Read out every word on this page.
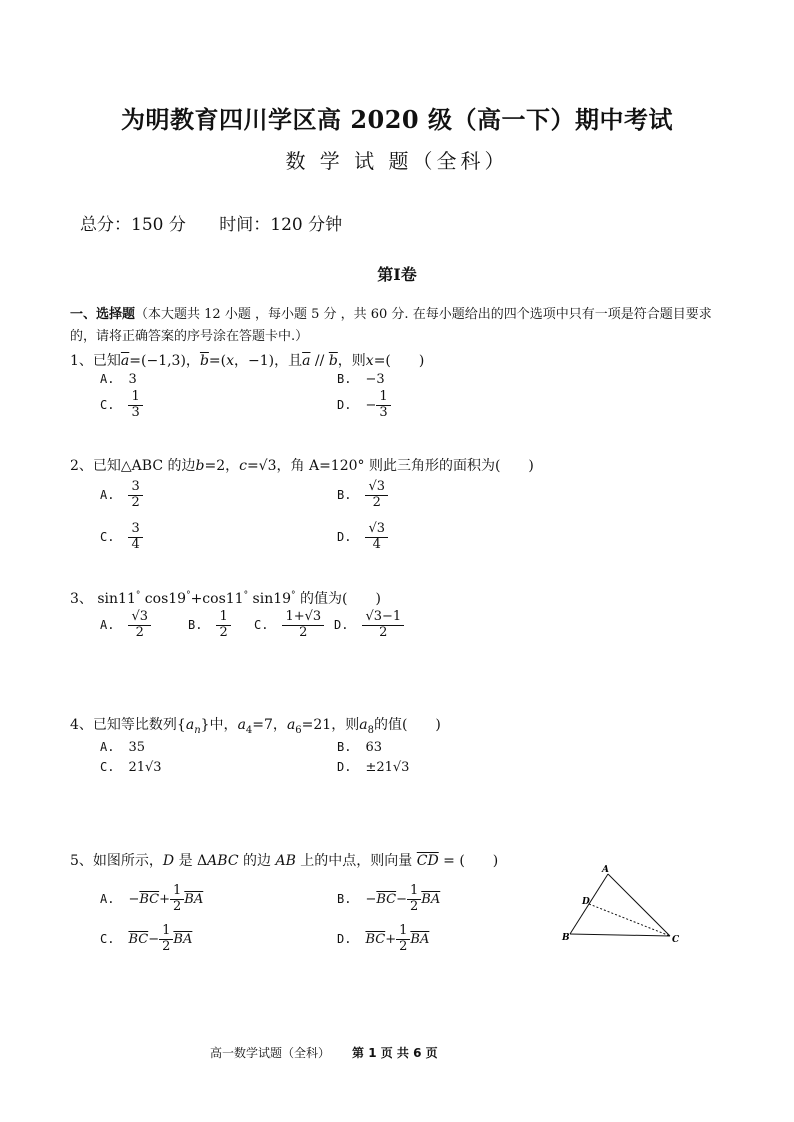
为明教育四川学区高 2020 级（高一下）期中考试
数 学 试 题（全科）
总分：150 分 时间：120 分钟
第Ⅰ卷
一、选择题（本大题共 12 小题 ，每小题 5 分 ，共 60 分. 在每小题给出的四个选项中只有一项是符合题目要求的，请将正确答案的序号涂在答题卡中.）
1、已知$\overline{a}=(-1,3)$，$\overline{b}=(x$，−1)，且$\overline{a} // \overline{b}$，则x=(　　)
A. 3	B. −3
C. $\frac{1}{3}$	D. − $\frac{1}{3}$
2、已知△ABC 的边b=2，c=√3，角 A=120° 则此三角形的面积为(　　)
A. $\frac{3}{2}$	B. $\frac{√3}{2}$
C. $\frac{3}{4}$	D. $\frac{√3}{4}$
3、 sin11° cos19°+cos11° sin19° 的值为(　　)
A. $\frac{√3}{2}$	B. $\frac{1}{2} C$. $\frac{1+√3}{2} D$. $\frac{√3-1}{2}$
4、已知等比数列$\{a_n\}$中，$a_4=7$，$a_6=21$，则$a_8$的值(　　)
A. 35	B. 63
C. 21√3	D. ±21√3
5、如图所示，D 是 ΔABC 的边 AB 上的中点，则向量 $\overline{CD}$ = (　　)
A. $-\overline{BC}+ \frac{1}{2} \overline{BA}$	B. $-\overline{BC}- \frac{1}{2} \overline{BA}$
C. $\overline{BC}- \frac{1}{2} \overline{BA}$	D. $\overline{BC}+ \frac{1}{2} \overline{BA}$
A
D
B	C
高一数学试题（全科） 第 1 页 共 6 页
